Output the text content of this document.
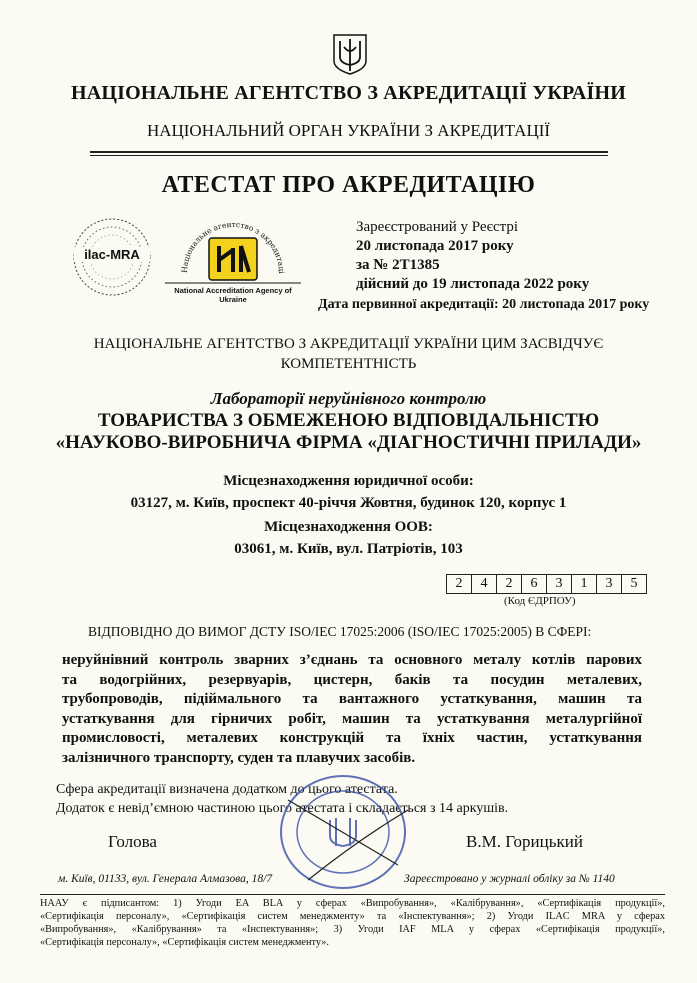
НАЦІОНАЛЬНЕ АГЕНТСТВО З АКРЕДИТАЦІЇ УКРАЇНИ
НАЦІОНАЛЬНИЙ ОРГАН УКРАЇНИ З АКРЕДИТАЦІЇ
АТЕСТАТ ПРО АКРЕДИТАЦІЮ
ilac-MRA
Національне агентство з акредитаці
National Accreditation Agency of Ukraine
Зареєстрований у Реєстрі
20 листопада 2017 року
за № 2Т1385
дійсний до 19 листопада 2022 року
Дата первинної акредитації: 20 листопада 2017 року
НАЦІОНАЛЬНЕ АГЕНТСТВО З АКРЕДИТАЦІЇ УКРАЇНИ ЦИМ ЗАСВІДЧУЄ
КОМПЕТЕНТНІСТЬ
Лабораторії неруйнівного контролю
ТОВАРИСТВА З ОБМЕЖЕНОЮ ВІДПОВІДАЛЬНІСТЮ
«НАУКОВО-ВИРОБНИЧА ФІРМА «ДІАГНОСТИЧНІ ПРИЛАДИ»
Місцезнаходження юридичної особи:
03127, м. Київ, проспект 40-річчя Жовтня, будинок 120, корпус 1
Місцезнаходження ООВ:
03061, м. Київ, вул. Патріотів, 103
2	4	2	6	3	1	3	5
(Код ЄДРПОУ)
ВІДПОВІДНО ДО ВИМОГ ДСТУ ISO/IEC 17025:2006 (ISO/IEC 17025:2005) В СФЕРІ:
неруйнівний контроль зварних з’єднань та основного металу котлів парових
та водогрійних, резервуарів, цистерн, баків та посудин металевих,
трубопроводів, підіймального та вантажного устаткування, машин та
устаткування для гірничих робіт, машин та устаткування металургійної
промисловості, металевих конструкцій та їхніх частин, устаткування
залізничного транспорту, суден та плавучих засобів.
Сфера акредитації визначена додатком до цього атестата.
Додаток є невід’ємною частиною цього атестата і складається з 14 аркушів.
Голова	В.М. Горицький
м. Київ, 01133, вул. Генерала Алмазова, 18/7	Зареєстровано у журналі обліку за № 1140
НААУ є підписантом: 1) Угоди EA BLA у сферах «Випробування», «Калібрування», «Сертифікація продукції»,
«Сертифікація персоналу», «Сертифікація систем менеджменту» та «Інспектування»; 2) Угоди ILAC MRA у сферах
«Випробування», «Калібрування» та «Інспектування»; 3) Угоди IAF MLA у сферах «Сертифікація продукції»,
«Сертифікація персоналу», «Сертифікація систем менеджменту».
